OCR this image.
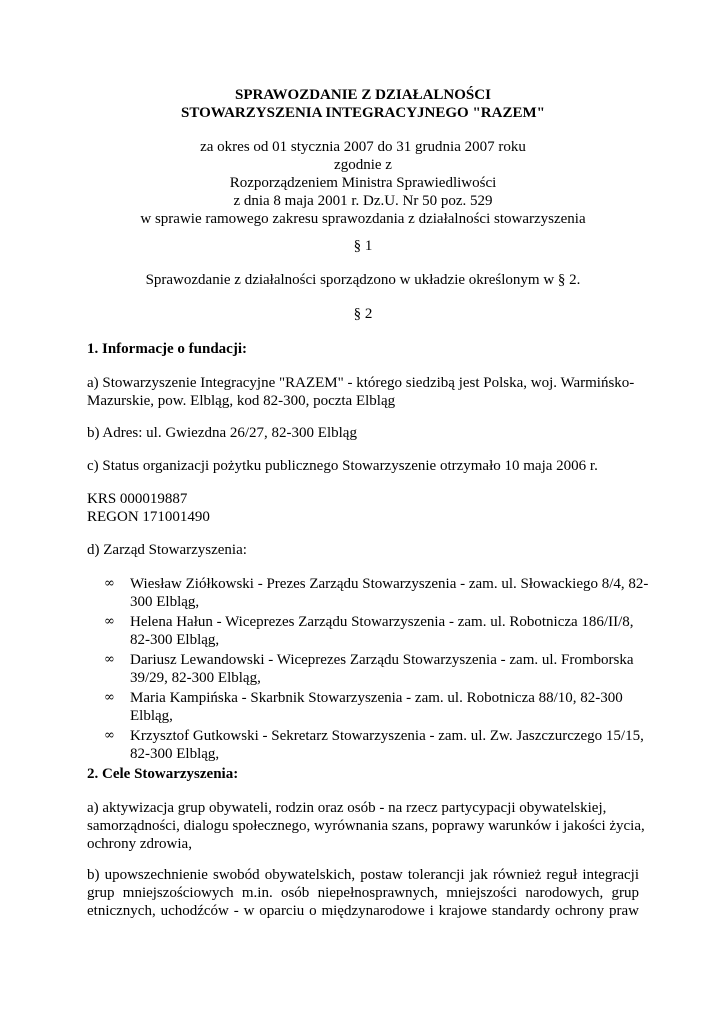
SPRAWOZDANIE Z DZIAŁALNOŚCI
STOWARZYSZENIA INTEGRACYJNEGO "RAZEM"
za okres od 01 stycznia 2007 do 31 grudnia 2007 roku
zgodnie z
Rozporządzeniem Ministra Sprawiedliwości
z dnia 8 maja 2001 r. Dz.U. Nr 50 poz. 529
w sprawie ramowego zakresu sprawozdania z działalności stowarzyszenia
§ 1
Sprawozdanie z działalności sporządzono w układzie określonym w § 2.
§ 2
1. Informacje o fundacji:
a) Stowarzyszenie Integracyjne "RAZEM" - którego siedzibą jest Polska, woj. Warmińsko-
Mazurskie, pow. Elbląg, kod 82-300, poczta Elbląg
b) Adres: ul. Gwiezdna 26/27, 82-300 Elbląg
c) Status organizacji pożytku publicznego Stowarzyszenie otrzymało 10 maja 2006 r.
KRS 000019887
REGON 171001490
d) Zarząd Stowarzyszenia:
∞ Wiesław Ziółkowski - Prezes Zarządu Stowarzyszenia - zam. ul. Słowackiego 8/4, 82-
300 Elbląg,
∞ Helena Hałun - Wiceprezes Zarządu Stowarzyszenia - zam. ul. Robotnicza 186/II/8,
82-300 Elbląg,
∞ Dariusz Lewandowski - Wiceprezes Zarządu Stowarzyszenia - zam. ul. Fromborska
39/29, 82-300 Elbląg,
∞ Maria Kampińska - Skarbnik Stowarzyszenia - zam. ul. Robotnicza 88/10, 82-300
Elbląg,
∞ Krzysztof Gutkowski - Sekretarz Stowarzyszenia - zam. ul. Zw. Jaszczurczego 15/15,
82-300 Elbląg,
2. Cele Stowarzyszenia:
a) aktywizacja grup obywateli, rodzin oraz osób - na rzecz partycypacji obywatelskiej,
samorządności, dialogu społecznego, wyrównania szans, poprawy warunków i jakości życia,
ochrony zdrowia,
b) upowszechnienie swobód obywatelskich, postaw tolerancji jak również reguł integracji
grup mniejszościowych m.in. osób niepełnosprawnych, mniejszości narodowych, grup
etnicznych, uchodźców - w oparciu o międzynarodowe i krajowe standardy ochrony praw
